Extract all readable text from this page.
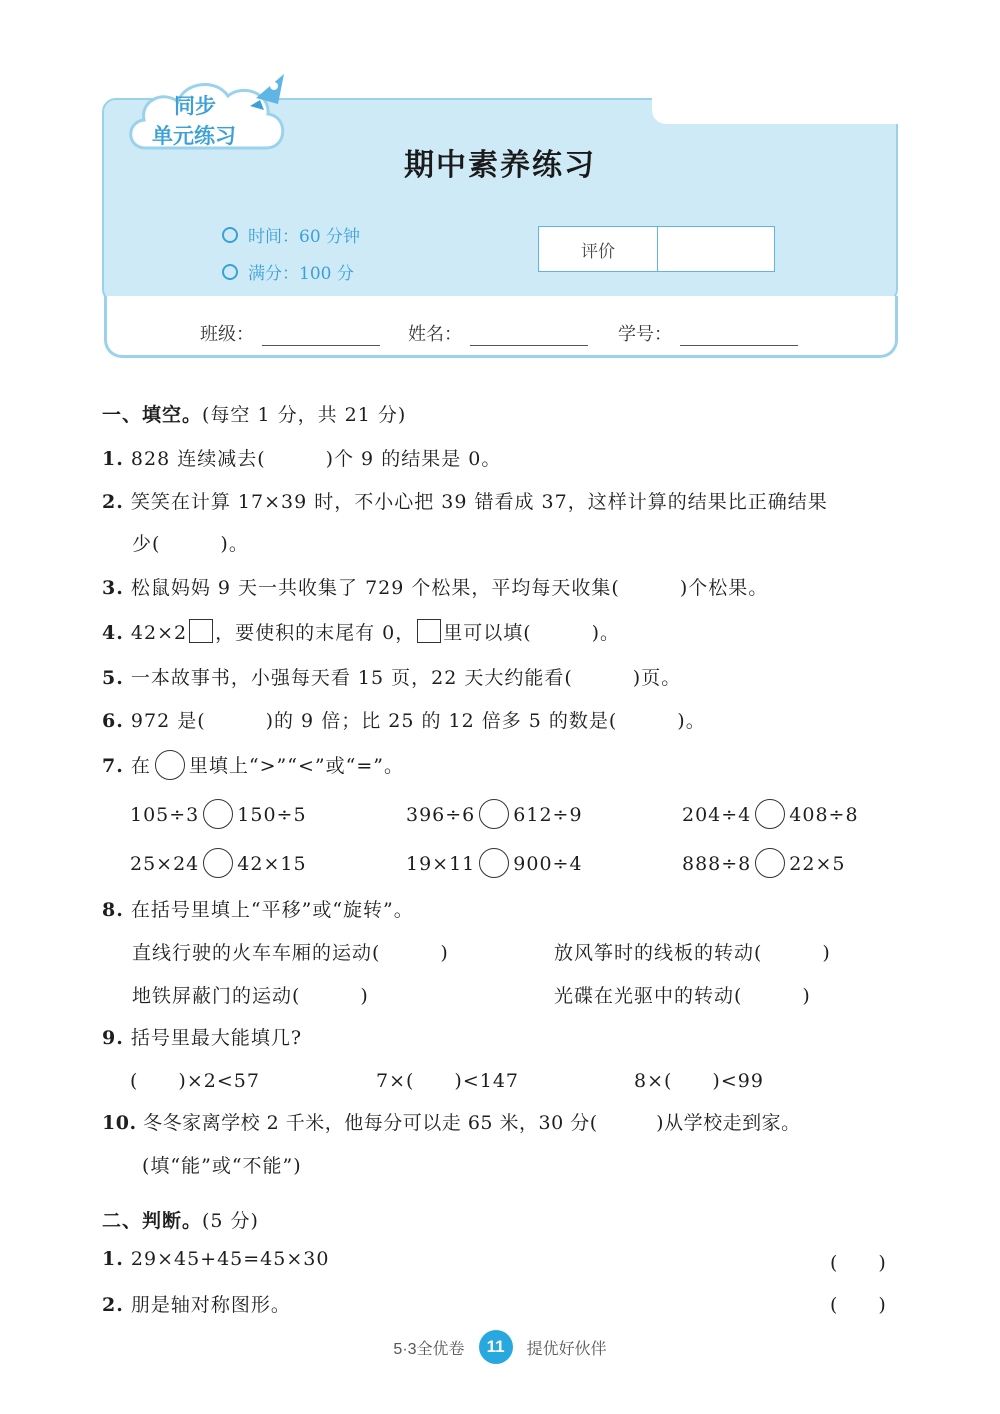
同步
单元练习
期中素养练习
时间：60 分钟
满分：100 分
评价
班级：	姓名：	学号：
一、填空。(每空 1 分，共 21 分)
1. 828 连续减去(　　　)个 9 的结果是 0。
2. 笑笑在计算 17×39 时，不小心把 39 错看成 37，这样计算的结果比正确结果
少(　　　)。
3. 松鼠妈妈 9 天一共收集了 729 个松果，平均每天收集(　　　)个松果。
4. 42×2 ，要使积的末尾有 0， 里可以填(　　　)。
5. 一本故事书，小强每天看 15 页，22 天大约能看(　　　)页。
6. 972 是(　　　)的 9 倍；比 25 的 12 倍多 5 的数是(　　　)。
7. 在 里填上“>”“<”或“=”。
105÷3 150÷5	396÷6 612÷9	204÷4 408÷8
25×24 42×15	19×11 900÷4	888÷8 22×5
8. 在括号里填上“平移”或“旋转”。
直线行驶的火车车厢的运动(　　　)	放风筝时的线板的转动(　　　)
地铁屏蔽门的运动(　　　)	光碟在光驱中的转动(　　　)
9. 括号里最大能填几?
(　　)×2<57	7×(　　)<147	8×(　　)<99
10. 冬冬家离学校 2 千米，他每分可以走 65 米，30 分(　　　)从学校走到家。
(填“能”或“不能”)
二、判断。(5 分)
1. 29×45+45=45×30	(　　)
2. 朋是轴对称图形。	(　　)
5·3全优卷	11	提优好伙伴
